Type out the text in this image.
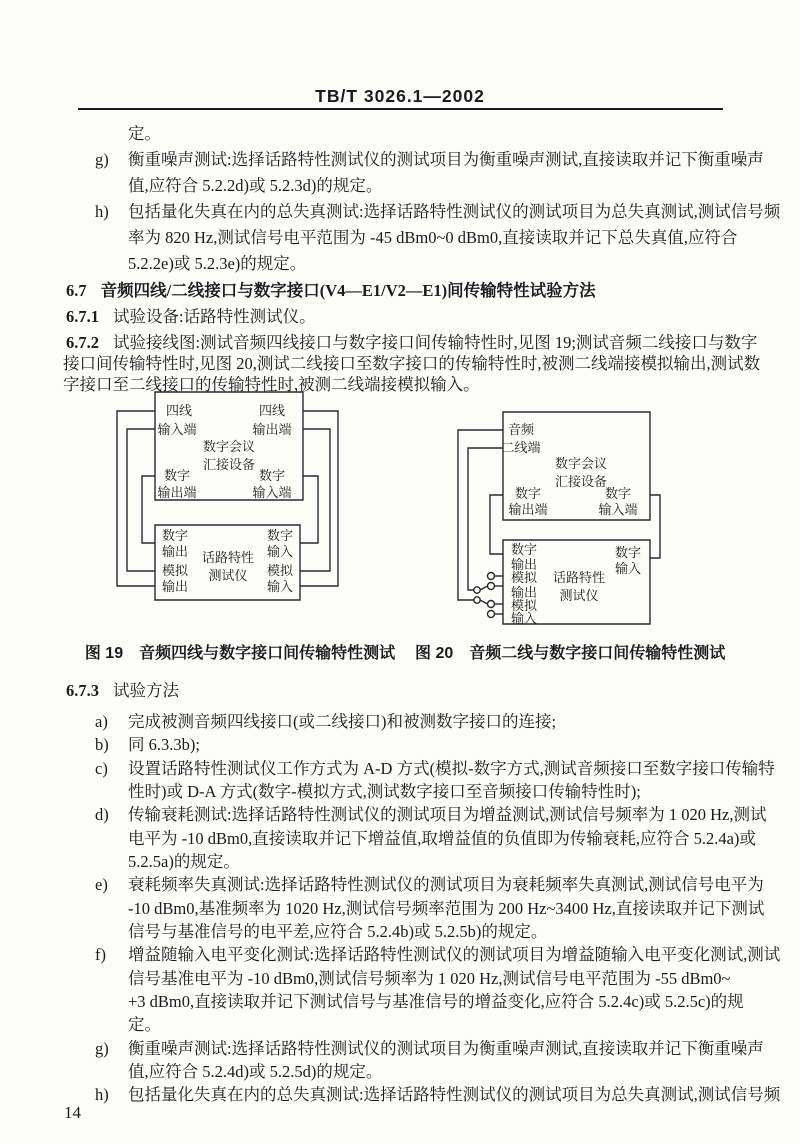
TB/T 3026.1—2002
定。
g) 衡重噪声测试:选择话路特性测试仪的测试项目为衡重噪声测试,直接读取并记下衡重噪声
值,应符合 5.2.2d)或 5.2.3d)的规定。
h) 包括量化失真在内的总失真测试:选择话路特性测试仪的测试项目为总失真测试,测试信号频
率为 820 Hz,测试信号电平范围为 -45 dBm0~0 dBm0,直接读取并记下总失真值,应符合
5.2.2e)或 5.2.3e)的规定。
6.7 音频四线/二线接口与数字接口(V4—E1/V2—E1)间传输特性试验方法
6.7.1 试验设备:话路特性测试仪。
6.7.2 试验接线图:测试音频四线接口与数字接口间传输特性时,见图 19;测试音频二线接口与数字
接口间传输特性时,见图 20,测试二线接口至数字接口的传输特性时,被测二线端接模拟输出,测试数
字接口至二线接口的传输特性时,被测二线端接模拟输入。
四线
输入端
四线
输出端
数字会议
汇接设备
数字
输出端
数字
输入端
数字
输出
模拟
输出
话路特性
测试仪
数字
输入
模拟
输入
音频
二线端
数字会议
汇接设备
数字
输出端
数字
输入端
数字
输出
模拟
输出
模拟
输入
话路特性
测试仪
数字
输入
图 19 音频四线与数字接口间传输特性测试	图 20 音频二线与数字接口间传输特性测试
6.7.3 试验方法
a) 完成被测音频四线接口(或二线接口)和被测数字接口的连接;
b) 同 6.3.3b);
c) 设置话路特性测试仪工作方式为 A-D 方式(模拟-数字方式,测试音频接口至数字接口传输特
性时)或 D-A 方式(数字-模拟方式,测试数字接口至音频接口传输特性时);
d) 传输衰耗测试:选择话路特性测试仪的测试项目为增益测试,测试信号频率为 1 020 Hz,测试
电平为 -10 dBm0,直接读取并记下增益值,取增益值的负值即为传输衰耗,应符合 5.2.4a)或
5.2.5a)的规定。
e) 衰耗频率失真测试:选择话路特性测试仪的测试项目为衰耗频率失真测试,测试信号电平为
-10 dBm0,基准频率为 1020 Hz,测试信号频率范围为 200 Hz~3400 Hz,直接读取并记下测试
信号与基准信号的电平差,应符合 5.2.4b)或 5.2.5b)的规定。
f) 增益随输入电平变化测试:选择话路特性测试仪的测试项目为增益随输入电平变化测试,测试
信号基准电平为 -10 dBm0,测试信号频率为 1 020 Hz,测试信号电平范围为 -55 dBm0~
+3 dBm0,直接读取并记下测试信号与基准信号的增益变化,应符合 5.2.4c)或 5.2.5c)的规
定。
g) 衡重噪声测试:选择话路特性测试仪的测试项目为衡重噪声测试,直接读取并记下衡重噪声
值,应符合 5.2.4d)或 5.2.5d)的规定。
h) 包括量化失真在内的总失真测试:选择话路特性测试仪的测试项目为总失真测试,测试信号频
14
